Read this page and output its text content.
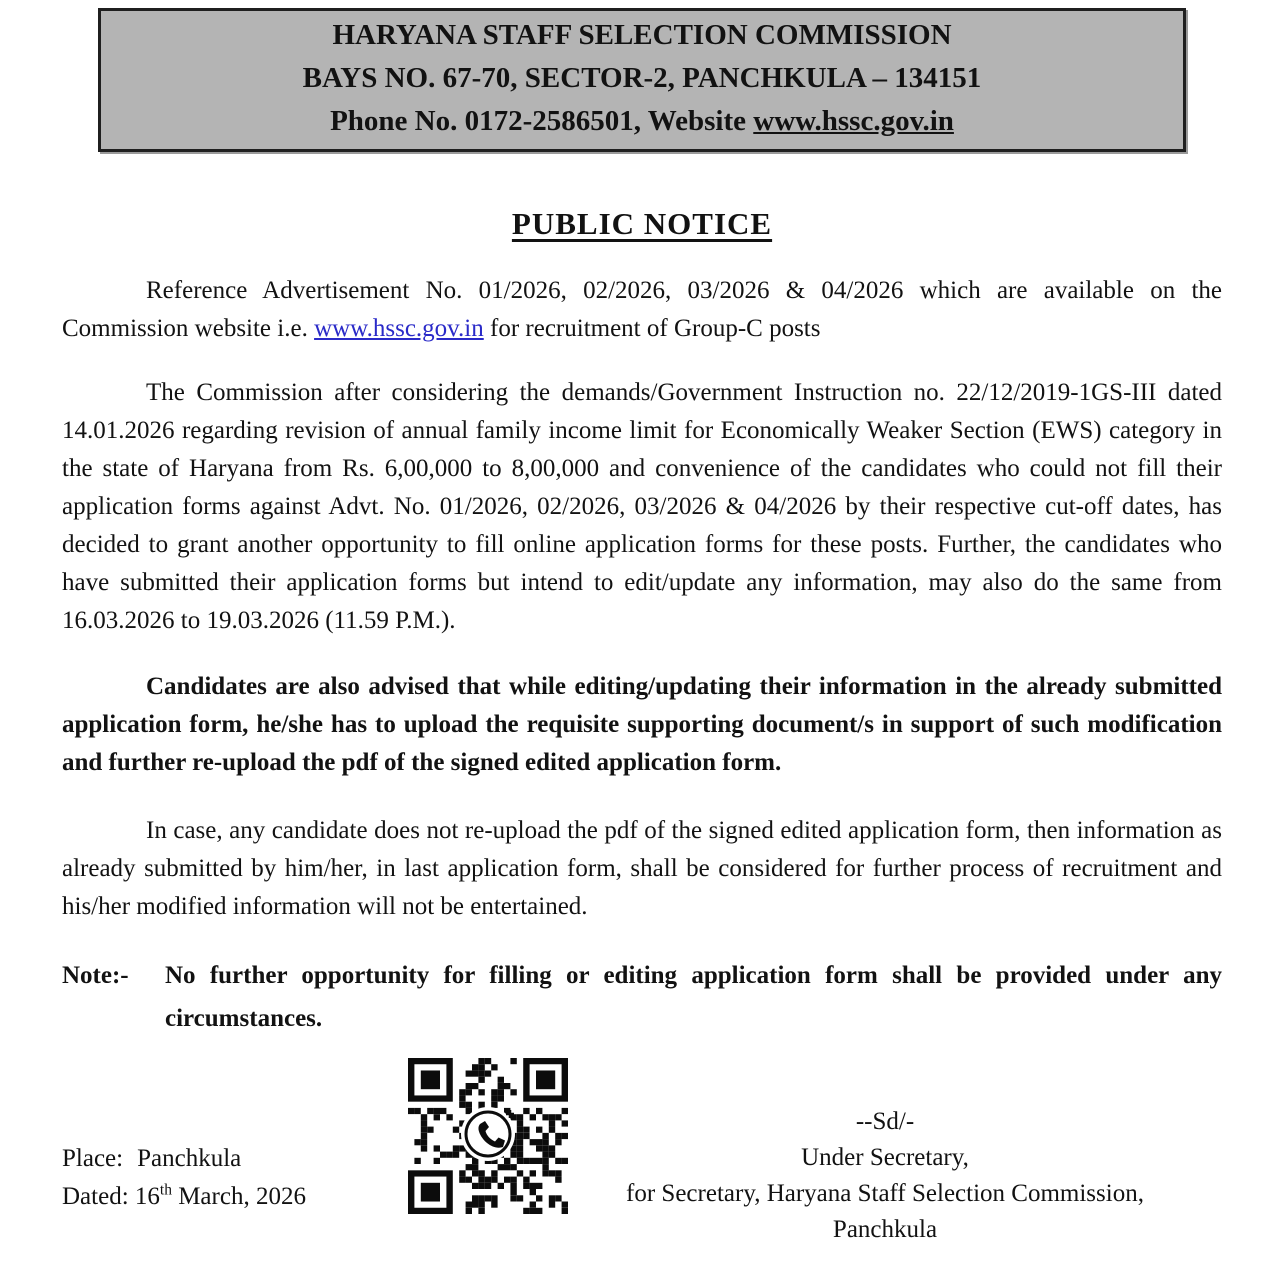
HARYANA STAFF SELECTION COMMISSION
BAYS NO. 67-70, SECTOR-2, PANCHKULA – 134151
Phone No. 0172-2586501, Website www.hssc.gov.in
PUBLIC NOTICE

Reference Advertisement No. 01/2026, 02/2026, 03/2026 & 04/2026 which are available on the Commission website i.e. www.hssc.gov.in for recruitment of Group-C posts

The Commission after considering the demands/Government Instruction no. 22/12/2019-1GS-III dated 14.01.2026 regarding revision of annual family income limit for Economically Weaker Section (EWS) category in the state of Haryana from Rs. 6,00,000 to 8,00,000 and convenience of the candidates who could not fill their application forms against Advt. No. 01/2026, 02/2026, 03/2026 & 04/2026 by their respective cut-off dates, has decided to grant another opportunity to fill online application forms for these posts. Further, the candidates who have submitted their application forms but intend to edit/update any information, may also do the same from 16.03.2026 to 19.03.2026 (11.59 P.M.).

Candidates are also advised that while editing/updating their information in the already submitted application form, he/she has to upload the requisite supporting document/s in support of such modification and further re-upload the pdf of the signed edited application form.

In case, any candidate does not re-upload the pdf of the signed edited application form, then information as already submitted by him/her, in last application form, shall be considered for further process of recruitment and his/her modified information will not be entertained.

Note:-	No further opportunity for filling or editing application form shall be provided under any circumstances.
Place: Panchkula
Dated: 16th March, 2026
--Sd/-
Under Secretary,
for Secretary, Haryana Staff Selection Commission,
Panchkula
